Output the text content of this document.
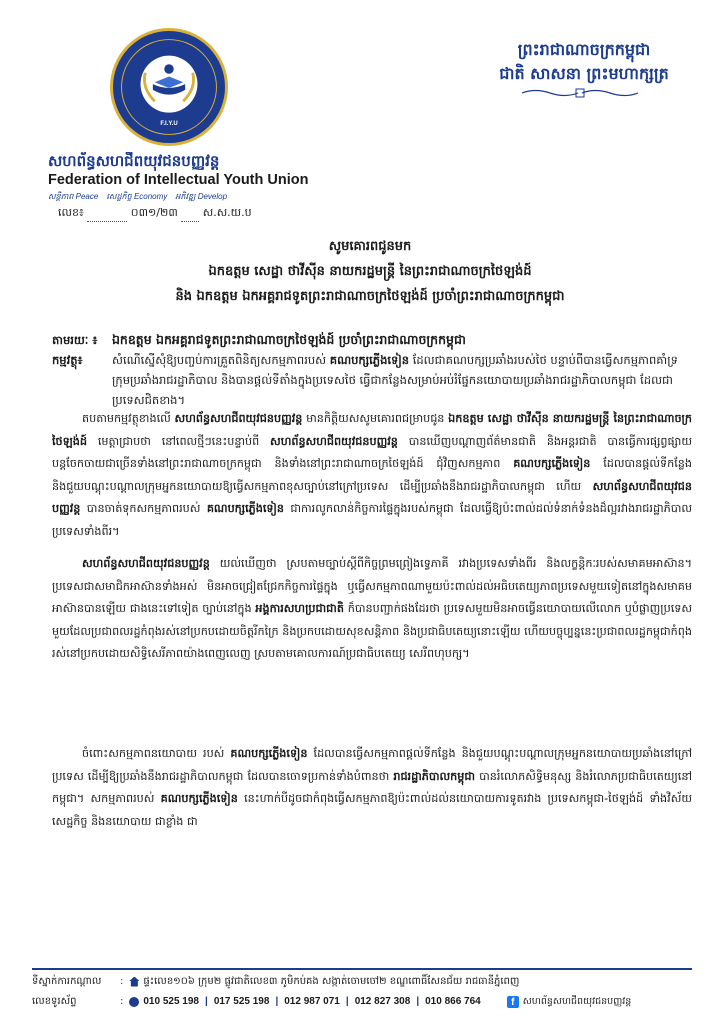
F.I.Y.U
សហព័ន្ធសហជីពយុវជនបញ្ញវន្ត
Federation of Intellectual Youth Union
សន្តិភាព Peace សេដ្ឋកិច្ច Economy អភិវឌ្ឍ Develop
លេខ៖	០៣១/២៣ ស.ស.យ.ប
ព្រះរាជាណាចក្រកម្ពុជា
ជាតិ សាសនា ព្រះមហាក្សត្រ
សូមគោរពជូនមក
ឯកឧត្តម សេដ្ឋា ថាវីស៊ីន នាយករដ្ឋមន្ត្រី នៃព្រះរាជាណាចក្រថៃឡង់ដ៍
និង ឯកឧត្តម ឯកអគ្គរាជទូតព្រះរាជាណាចក្រថៃឡង់ដ៍ ប្រចាំព្រះរាជាណាចក្រកម្ពុជា
តាមរយៈ ៖	ឯកឧត្តម ឯកអគ្គរាជទូតព្រះរាជាណាចក្រថៃឡង់ដ៍ ប្រចាំព្រះរាជាណាចក្រកម្ពុជា
កម្មវត្ថុ៖	សំណើស្នើសុំឱ្យបញ្ចប់ការគ្រួតពិនិត្យសកម្មភាពរបស់ គណបក្សភ្លើងទៀន ដែលជាគណបក្សប្រឆាំងរបស់ថៃ បន្ទាប់ពីបានធ្វើសកម្មភាពគាំទ្រក្រុមប្រឆាំងរាជរដ្ឋាភិបាល និងបានផ្តល់ទីតាំងក្នុងប្រទេសថៃ ធ្វើជាកន្លែងសម្រាប់អប់រំផ្នែកនយោបាយប្រឆាំងរាជរដ្ឋាភិបាលកម្ពុជា ដែលជាប្រទេសជិតខាង។

តបតាមកម្មវត្ថុខាងលើ សហព័ន្ធសហជីពយុវជនបញ្ញវន្ត មានកិត្តិយសសូមគោរពជម្រាបជូន ឯកឧត្តម សេដ្ឋា ថាវីស៊ីន នាយករដ្ឋមន្ត្រី នៃព្រះរាជាណាចក្រថៃឡង់ដ៍ មេត្តាជ្រាបថា នៅពេលថ្មីៗនេះបន្ទាប់ពី សហព័ន្ធសហជីពយុវជនបញ្ញវន្ត បានឃើញបណ្តាញព័ត៌មានជាតិ និងអន្តរជាតិ បានធ្វើការផ្សព្វផ្សាយបន្តចែកចាយជាច្រើនទាំងនៅព្រះរាជាណាចក្រកម្ពុជា និងទាំងនៅព្រះរាជាណាចក្រថៃឡង់ដ៍ ជុំវិញសកម្មភាព គណបក្សភ្លើងទៀន ដែលបានផ្តល់ទីកន្លែង និងជួយបណ្តុះបណ្តាលក្រុមអ្នកនយោបាយឱ្យធ្វើសកម្មភាពខុសច្បាប់នៅក្រៅប្រទេស ដើម្បីប្រឆាំងនឹងរាជរដ្ឋាភិបាលកម្ពុជា ហើយ សហព័ន្ធសហជីពយុវជនបញ្ញវន្ត បានចាត់ទុកសកម្មភាពរបស់ គណបក្សភ្លើងទៀន ជាការលូកលាន់កិច្ចការផ្ទៃក្នុងរបស់កម្ពុជា ដែលធ្វើឱ្យប៉ះពាល់ដល់ទំនាក់ទំនងដ៏ល្អរវាងរាជរដ្ឋាភិបាលប្រទេសទាំងពីរ។

សហព័ន្ធសហជីពយុវជនបញ្ញវន្ត យល់ឃើញថា ស្របតាមច្បាប់ស្តីពីកិច្ចព្រមព្រៀងទ្វេភាគី រវាងប្រទេសទាំងពីរ និងលក្ខន្តិកៈរបស់សមាគមអាស៊ាន។ ប្រទេសជាសមាជិកអាស៊ានទាំងអស់ មិនអាចជ្រៀតជ្រែកកិច្ចការផ្ទៃក្នុង ឬធ្វើសកម្មភាពណាមួយប៉ះពាល់ដល់អធិបតេយ្យភាពប្រទេសមួយទៀតនៅក្នុងសមាគមអាស៊ានបានឡើយ ជាងនេះទៅទៀត ច្បាប់នៅក្នុង អង្គការសហប្រជាជាតិ ក៏បានបញ្ជាក់ផងដែរថា ប្រទេសមួយមិនអាចធ្វើនយោបាយលើលោក ឬបំផ្លាញប្រទេសមួយដែលប្រជាពលរដ្ឋកំពុងរស់នៅប្រកបដោយចិត្តរីកក្រៃ និងប្រកបដោយសុខសន្តិភាព និងប្រជាធិបតេយ្យនោះឡើយ ហើយបច្ចុប្បន្ននេះប្រជាពលរដ្ឋកម្ពុជាកំពុងរស់នៅប្រកបដោយសិទ្ធិសេរីភាពយ៉ាងពេញលេញ ស្របតាមគោលការណ៍ប្រជាធិបតេយ្យ សេរីពហុបក្ស។

ចំពោះសកម្មភាពនយោបាយ របស់ គណបក្សភ្លើងទៀន ដែលបានធ្វើសកម្មភាពផ្តល់ទីកន្លែង និងជួយបណ្តុះបណ្តាលក្រុមអ្នកនយោបាយប្រឆាំងនៅក្រៅប្រទេស ដើម្បីឱ្យប្រឆាំងនឹងរាជរដ្ឋាភិបាលកម្ពុជា ដែលបានចោទប្រកាន់ទាំងបំពានថា រាជរដ្ឋាភិបាលកម្ពុជា បានរំលោភសិទ្ធិមនុស្ស និងរំលោភប្រជាធិបតេយ្យនៅកម្ពុជា។ សកម្មភាពរបស់ គណបក្សភ្លើងទៀន នេះហាក់បីដូចជាកំពុងធ្វើសកម្មភាពឱ្យប៉ះពាល់ដល់នយោបាយការទូតរវាង ប្រទេសកម្ពុជា-ថៃឡង់ដ៍ ទាំងវិស័យសេដ្ឋកិច្ច និងនយោបាយ ជាខ្លាំង ជា

ទីស្នាក់ការកណ្តាល	: ផ្ទះលេខ១០៦ ក្រុម២ ផ្លូវជាតិលេខ៣ ភូមិកប់គង សង្កាត់ចោមចៅ២ ខណ្ឌពោធិ៍សែនជ័យ រាជធានីភ្នំពេញ
លេខទូរស័ព្ទ	: 010 525 198 | 017 525 198 | 012 987 071 | 012 827 308 | 010 866 764	f សហព័ន្ធសហជីពយុវជនបញ្ញវន្ត
